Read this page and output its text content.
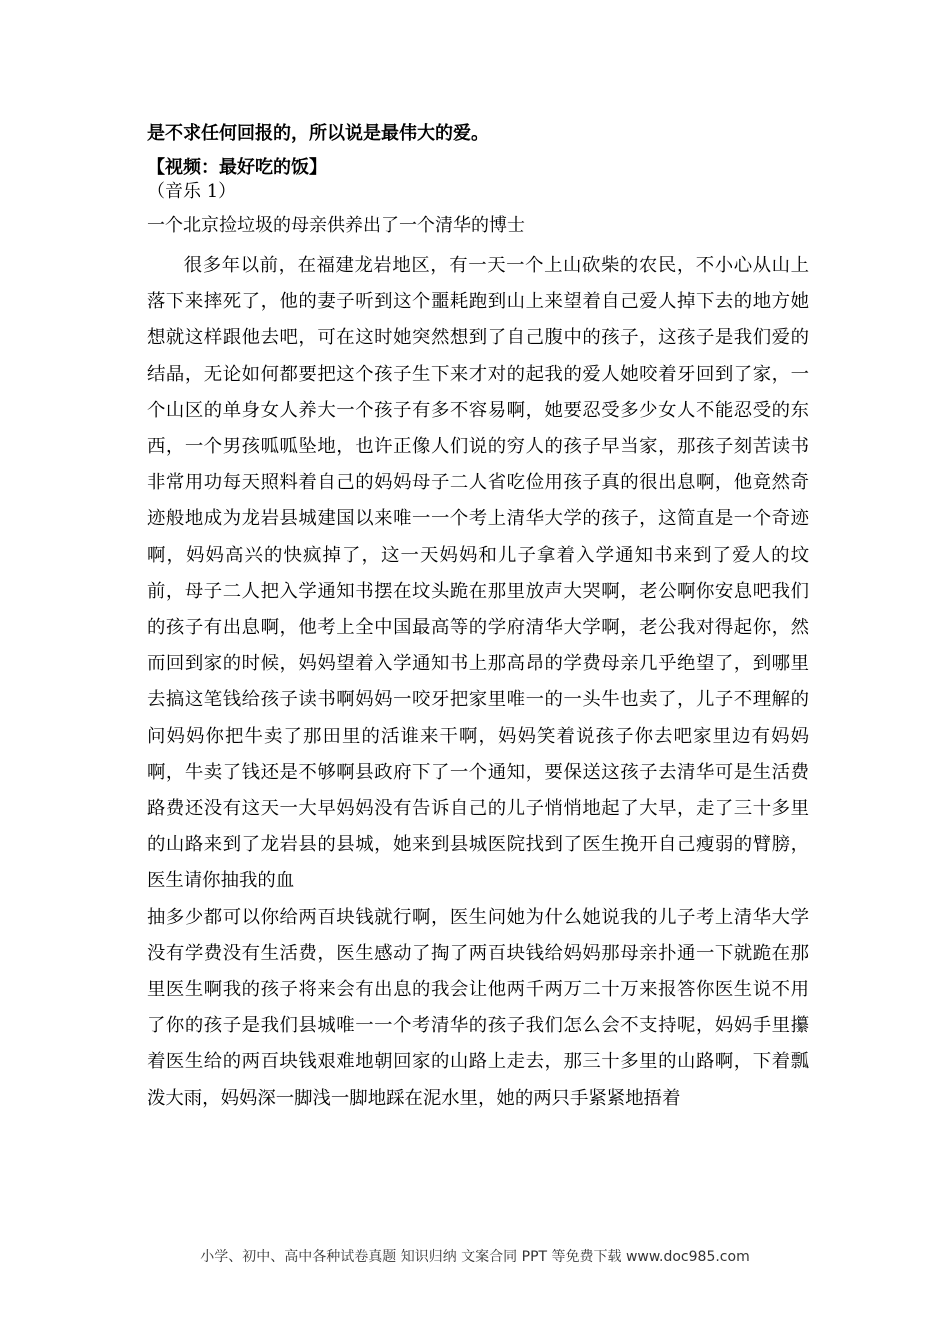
是不求任何回报的，所以说是最伟大的爱。
【视频：最好吃的饭】
（音乐 1）
一个北京捡垃圾的母亲供养出了一个清华的博士

很多年以前，在福建龙岩地区，有一天一个上山砍柴的农民，不小心从山上落下来摔死了，他的妻子听到这个噩耗跑到山上来望着自己爱人掉下去的地方她想就这样跟他去吧，可在这时她突然想到了自己腹中的孩子，这孩子是我们爱的结晶，无论如何都要把这个孩子生下来才对的起我的爱人她咬着牙回到了家，一个山区的单身女人养大一个孩子有多不容易啊，她要忍受多少女人不能忍受的东西，一个男孩呱呱坠地，也许正像人们说的穷人的孩子早当家，那孩子刻苦读书非常用功每天照料着自己的妈妈母子二人省吃俭用孩子真的很出息啊，他竟然奇迹般地成为龙岩县城建国以来唯一一个考上清华大学的孩子，这简直是一个奇迹啊，妈妈高兴的快疯掉了，这一天妈妈和儿子拿着入学通知书来到了爱人的坟前，母子二人把入学通知书摆在坟头跪在那里放声大哭啊，老公啊你安息吧我们的孩子有出息啊，他考上全中国最高等的学府清华大学啊，老公我对得起你，然而回到家的时候，妈妈望着入学通知书上那高昂的学费母亲几乎绝望了，到哪里去搞这笔钱给孩子读书啊妈妈一咬牙把家里唯一的一头牛也卖了，儿子不理解的问妈妈你把牛卖了那田里的活谁来干啊，妈妈笑着说孩子你去吧家里边有妈妈啊，牛卖了钱还是不够啊县政府下了一个通知，要保送这孩子去清华可是生活费路费还没有这天一大早妈妈没有告诉自己的儿子悄悄地起了大早，走了三十多里的山路来到了龙岩县的县城，她来到县城医院找到了医生挽开自己瘦弱的臂膀，医生请你抽我的血

抽多少都可以你给两百块钱就行啊，医生问她为什么她说我的儿子考上清华大学没有学费没有生活费，医生感动了掏了两百块钱给妈妈那母亲扑通一下就跪在那里医生啊我的孩子将来会有出息的我会让他两千两万二十万来报答你医生说不用了你的孩子是我们县城唯一一个考清华的孩子我们怎么会不支持呢，妈妈手里攥着医生给的两百块钱艰难地朝回家的山路上走去，那三十多里的山路啊，下着瓢泼大雨，妈妈深一脚浅一脚地踩在泥水里，她的两只手紧紧地捂着

小学、初中、高中各种试卷真题 知识归纳 文案合同 PPT 等免费下载 www.doc985.com
